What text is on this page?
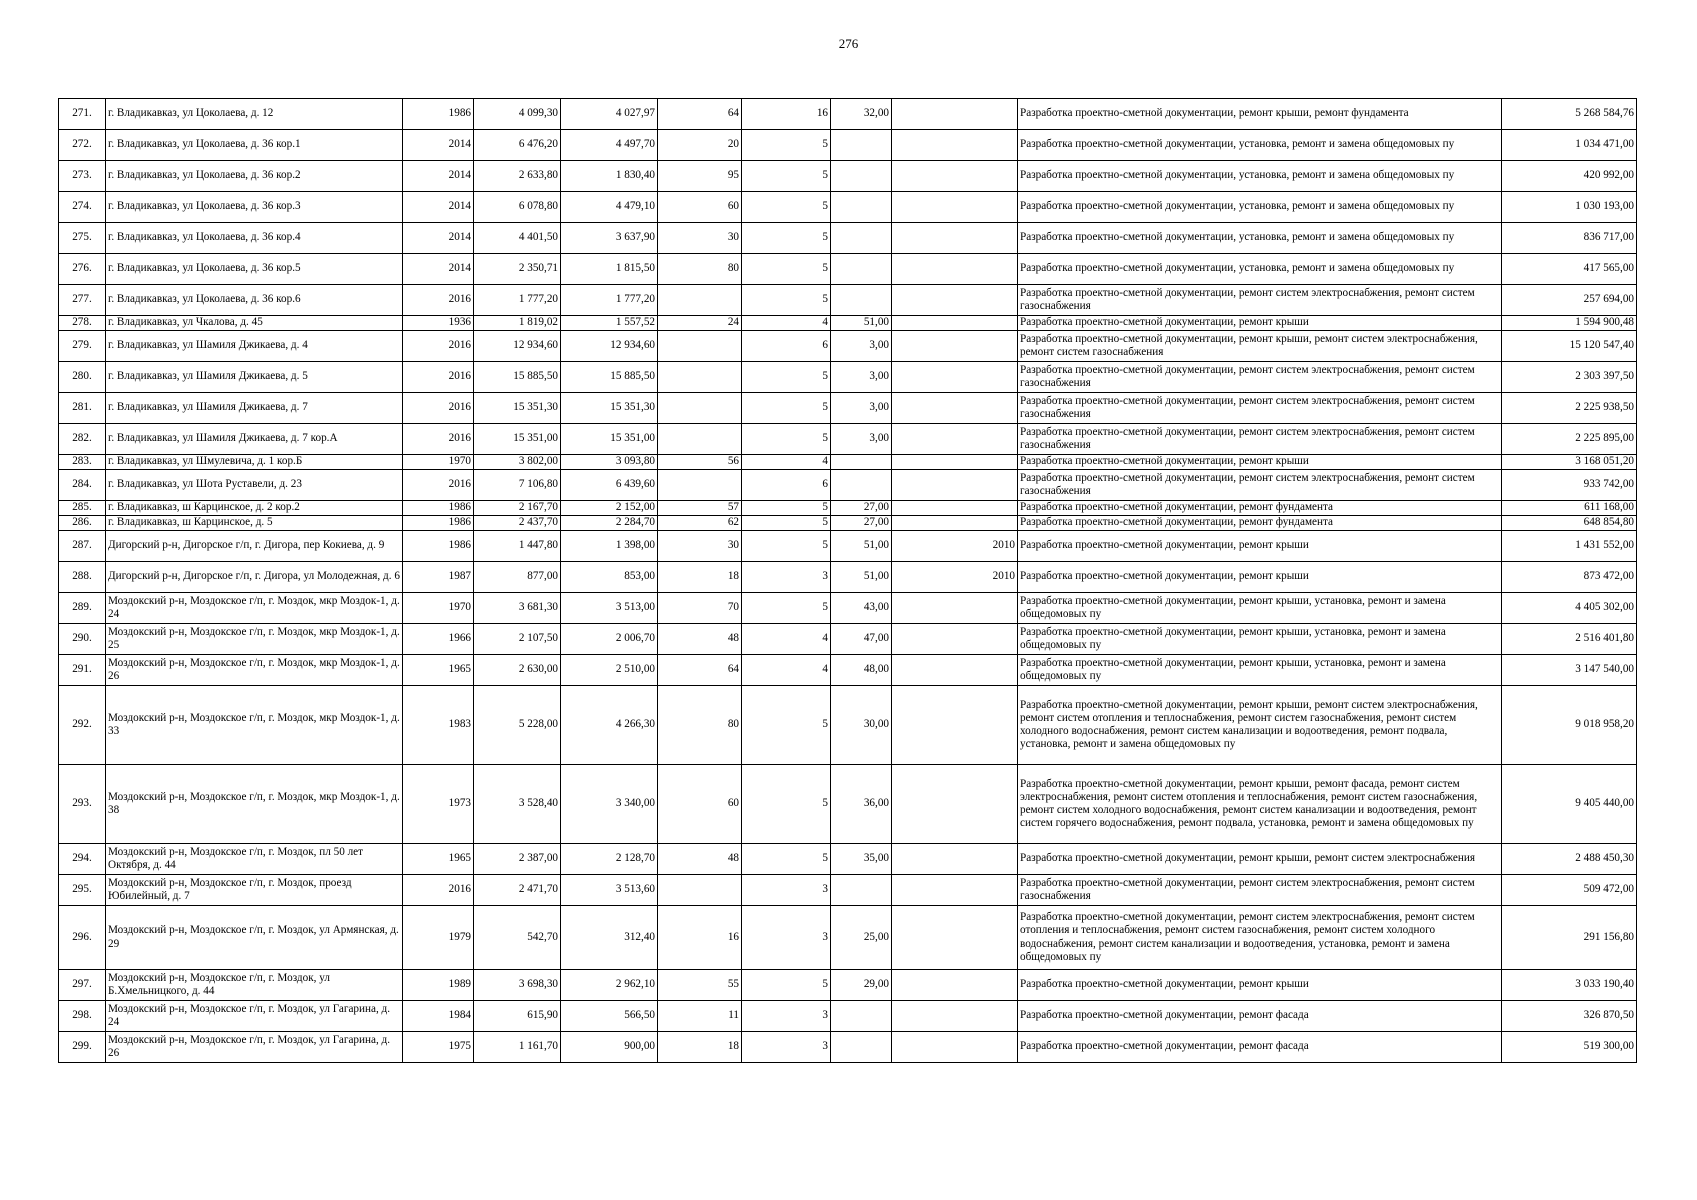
276
271.	г. Владикавказ, ул Цоколаева, д. 12	1986	4 099,30	4 027,97	64	16	32,00		Разработка проектно-сметной документации, ремонт крыши, ремонт фундамента	5 268 584,76
272.	г. Владикавказ, ул Цоколаева, д. 36 кор.1	2014	6 476,20	4 497,70	20	5			Разработка проектно-сметной документации, установка, ремонт и замена общедомовых пу	1 034 471,00
273.	г. Владикавказ, ул Цоколаева, д. 36 кор.2	2014	2 633,80	1 830,40	95	5			Разработка проектно-сметной документации, установка, ремонт и замена общедомовых пу	420 992,00
274.	г. Владикавказ, ул Цоколаева, д. 36 кор.3	2014	6 078,80	4 479,10	60	5			Разработка проектно-сметной документации, установка, ремонт и замена общедомовых пу	1 030 193,00
275.	г. Владикавказ, ул Цоколаева, д. 36 кор.4	2014	4 401,50	3 637,90	30	5			Разработка проектно-сметной документации, установка, ремонт и замена общедомовых пу	836 717,00
276.	г. Владикавказ, ул Цоколаева, д. 36 кор.5	2014	2 350,71	1 815,50	80	5			Разработка проектно-сметной документации, установка, ремонт и замена общедомовых пу	417 565,00
277.	г. Владикавказ, ул Цоколаева, д. 36 кор.6	2016	1 777,20	1 777,20		5			Разработка проектно-сметной документации, ремонт систем электроснабжения, ремонт систем газоснабжения	257 694,00
278.	г. Владикавказ, ул Чкалова, д. 45	1936	1 819,02	1 557,52	24	4	51,00		Разработка проектно-сметной документации, ремонт крыши	1 594 900,48
279.	г. Владикавказ, ул Шамиля Джикаева, д. 4	2016	12 934,60	12 934,60		6	3,00		Разработка проектно-сметной документации, ремонт крыши, ремонт систем электроснабжения, ремонт систем газоснабжения	15 120 547,40
280.	г. Владикавказ, ул Шамиля Джикаева, д. 5	2016	15 885,50	15 885,50		5	3,00		Разработка проектно-сметной документации, ремонт систем электроснабжения, ремонт систем газоснабжения	2 303 397,50
281.	г. Владикавказ, ул Шамиля Джикаева, д. 7	2016	15 351,30	15 351,30		5	3,00		Разработка проектно-сметной документации, ремонт систем электроснабжения, ремонт систем газоснабжения	2 225 938,50
282.	г. Владикавказ, ул Шамиля Джикаева, д. 7 кор.А	2016	15 351,00	15 351,00		5	3,00		Разработка проектно-сметной документации, ремонт систем электроснабжения, ремонт систем газоснабжения	2 225 895,00
283.	г. Владикавказ, ул Шмулевича, д. 1 кор.Б	1970	3 802,00	3 093,80	56	4			Разработка проектно-сметной документации, ремонт крыши	3 168 051,20
284.	г. Владикавказ, ул Шота Руставели, д. 23	2016	7 106,80	6 439,60		6			Разработка проектно-сметной документации, ремонт систем электроснабжения, ремонт систем газоснабжения	933 742,00
285.	г. Владикавказ, ш Карцинское, д. 2 кор.2	1986	2 167,70	2 152,00	57	5	27,00		Разработка проектно-сметной документации, ремонт фундамента	611 168,00
286.	г. Владикавказ, ш Карцинское, д. 5	1986	2 437,70	2 284,70	62	5	27,00		Разработка проектно-сметной документации, ремонт фундамента	648 854,80
287.	Дигорский р-н, Дигорское г/п, г. Дигора, пер Кокиева, д. 9	1986	1 447,80	1 398,00	30	5	51,00	2010	Разработка проектно-сметной документации, ремонт крыши	1 431 552,00
288.	Дигорский р-н, Дигорское г/п, г. Дигора, ул Молодежная, д. 6	1987	877,00	853,00	18	3	51,00	2010	Разработка проектно-сметной документации, ремонт крыши	873 472,00
289.	Моздокский р-н, Моздокское г/п, г. Моздок, мкр Моздок-1, д. 24	1970	3 681,30	3 513,00	70	5	43,00		Разработка проектно-сметной документации, ремонт крыши, установка, ремонт и замена общедомовых пу	4 405 302,00
290.	Моздокский р-н, Моздокское г/п, г. Моздок, мкр Моздок-1, д. 25	1966	2 107,50	2 006,70	48	4	47,00		Разработка проектно-сметной документации, ремонт крыши, установка, ремонт и замена общедомовых пу	2 516 401,80
291.	Моздокский р-н, Моздокское г/п, г. Моздок, мкр Моздок-1, д. 26	1965	2 630,00	2 510,00	64	4	48,00		Разработка проектно-сметной документации, ремонт крыши, установка, ремонт и замена общедомовых пу	3 147 540,00
292.	Моздокский р-н, Моздокское г/п, г. Моздок, мкр Моздок-1, д. 33	1983	5 228,00	4 266,30	80	5	30,00		Разработка проектно-сметной документации, ремонт крыши, ремонт систем электроснабжения, ремонт систем отопления и теплоснабжения, ремонт систем газоснабжения, ремонт систем холодного водоснабжения, ремонт систем канализации и водоотведения, ремонт подвала, установка, ремонт и замена общедомовых пу	9 018 958,20
293.	Моздокский р-н, Моздокское г/п, г. Моздок, мкр Моздок-1, д. 38	1973	3 528,40	3 340,00	60	5	36,00		Разработка проектно-сметной документации, ремонт крыши, ремонт фасада, ремонт систем электроснабжения, ремонт систем отопления и теплоснабжения, ремонт систем газоснабжения, ремонт систем холодного водоснабжения, ремонт систем канализации и водоотведения, ремонт систем горячего водоснабжения, ремонт подвала, установка, ремонт и замена общедомовых пу	9 405 440,00
294.	Моздокский р-н, Моздокское г/п, г. Моздок, пл 50 лет Октября, д. 44	1965	2 387,00	2 128,70	48	5	35,00		Разработка проектно-сметной документации, ремонт крыши, ремонт систем электроснабжения	2 488 450,30
295.	Моздокский р-н, Моздокское г/п, г. Моздок, проезд Юбилейный, д. 7	2016	2 471,70	3 513,60		3			Разработка проектно-сметной документации, ремонт систем электроснабжения, ремонт систем газоснабжения	509 472,00
296.	Моздокский р-н, Моздокское г/п, г. Моздок, ул Армянская, д. 29	1979	542,70	312,40	16	3	25,00		Разработка проектно-сметной документации, ремонт систем электроснабжения, ремонт систем отопления и теплоснабжения, ремонт систем газоснабжения, ремонт систем холодного водоснабжения, ремонт систем канализации и водоотведения, установка, ремонт и замена общедомовых пу	291 156,80
297.	Моздокский р-н, Моздокское г/п, г. Моздок, ул Б.Хмельницкого, д. 44	1989	3 698,30	2 962,10	55	5	29,00		Разработка проектно-сметной документации, ремонт крыши	3 033 190,40
298.	Моздокский р-н, Моздокское г/п, г. Моздок, ул Гагарина, д. 24	1984	615,90	566,50	11	3			Разработка проектно-сметной документации, ремонт фасада	326 870,50
299.	Моздокский р-н, Моздокское г/п, г. Моздок, ул Гагарина, д. 26	1975	1 161,70	900,00	18	3			Разработка проектно-сметной документации, ремонт фасада	519 300,00
